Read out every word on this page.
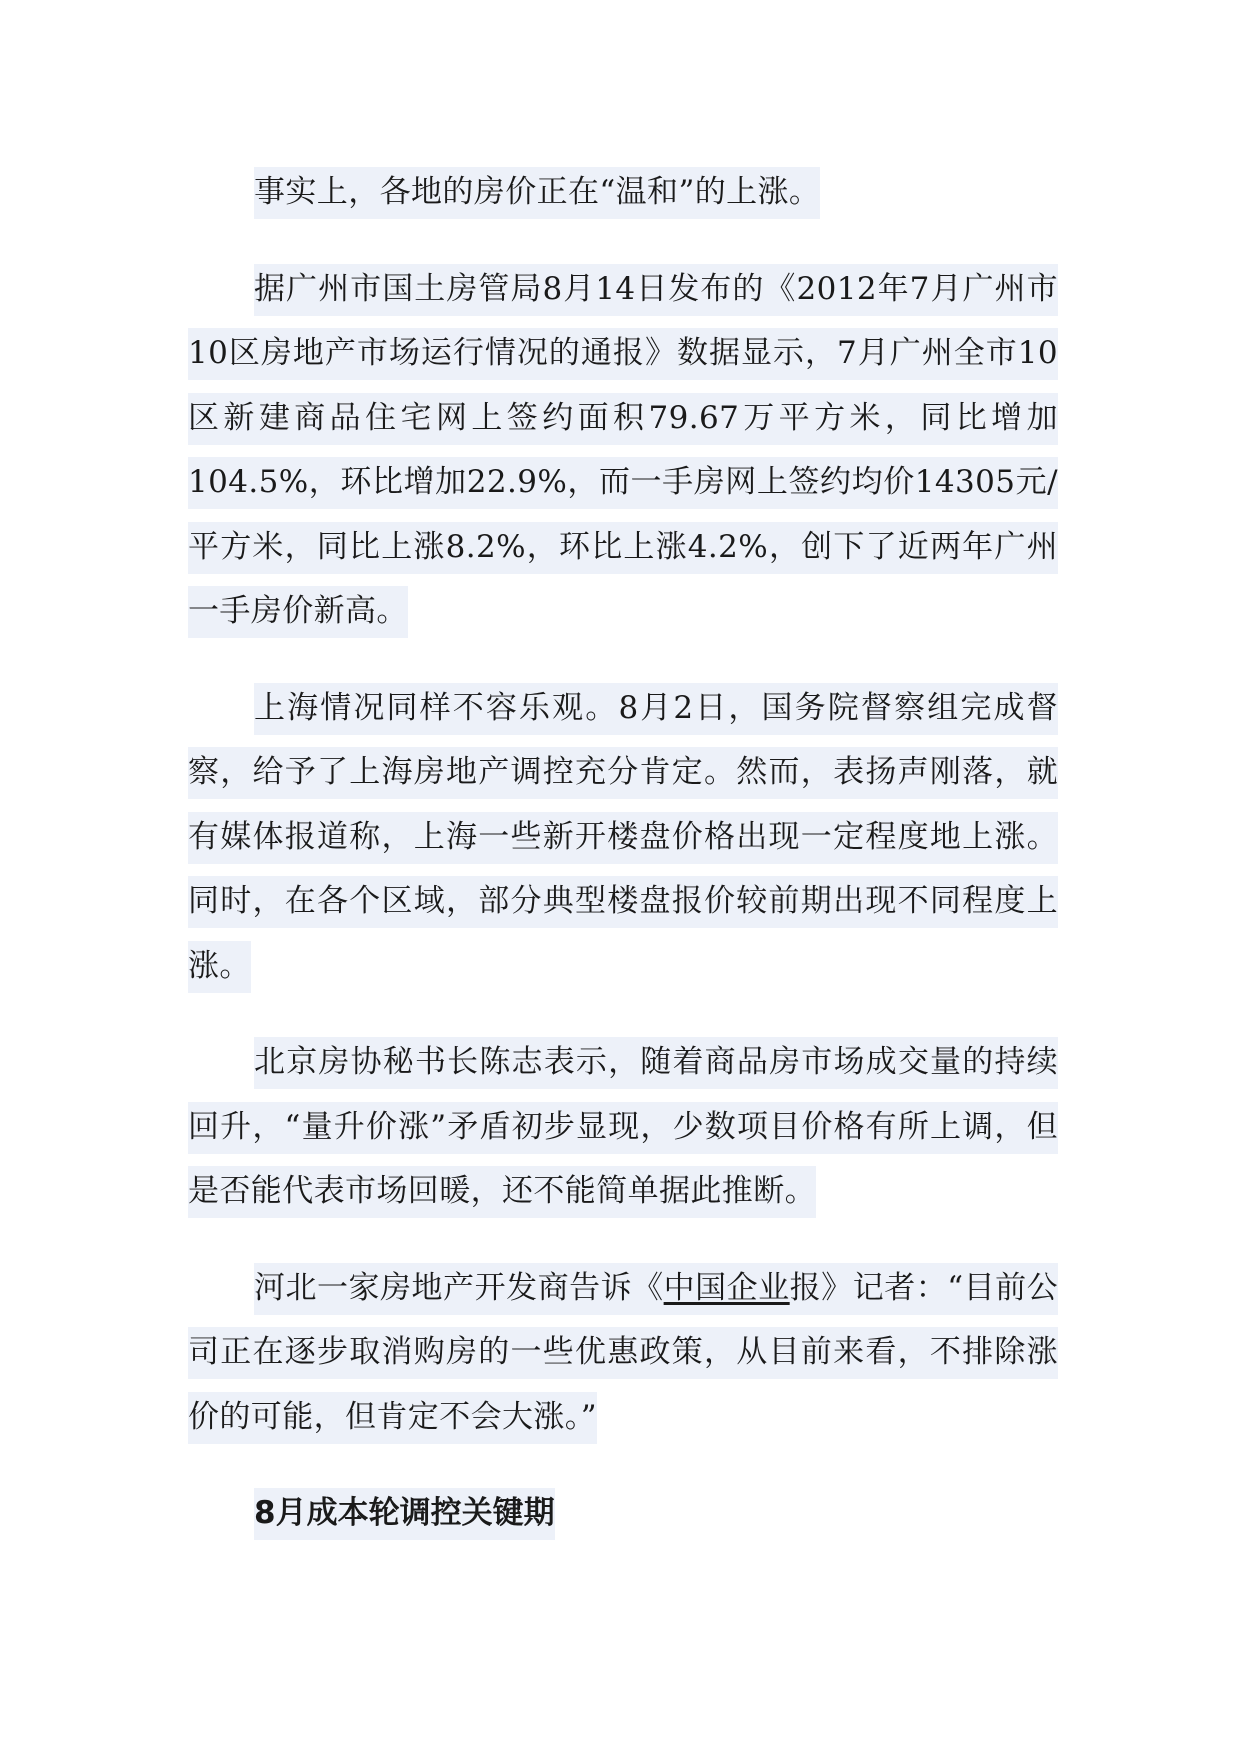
事实上，各地的房价正在“温和”的上涨。

据广州市国土房管局8月14日发布的《2012年7月广州市10区房地产市场运行情况的通报》数据显示，7月广州全市10区新建商品住宅网上签约面积79.67万平方米，同比增加104.5%，环比增加22.9%，而一手房网上签约均价14305元/平方米，同比上涨8.2%，环比上涨4.2%，创下了近两年广州一手房价新高。

上海情况同样不容乐观。8月2日，国务院督察组完成督察，给予了上海房地产调控充分肯定。然而，表扬声刚落，就有媒体报道称，上海一些新开楼盘价格出现一定程度地上涨。同时，在各个区域，部分典型楼盘报价较前期出现不同程度上涨。

北京房协秘书长陈志表示，随着商品房市场成交量的持续回升，“量升价涨”矛盾初步显现，少数项目价格有所上调，但是否能代表市场回暖，还不能简单据此推断。

河北一家房地产开发商告诉《中国企业报》记者：“目前公司正在逐步取消购房的一些优惠政策，从目前来看，不排除涨价的可能，但肯定不会大涨。”

8月成本轮调控关键期
